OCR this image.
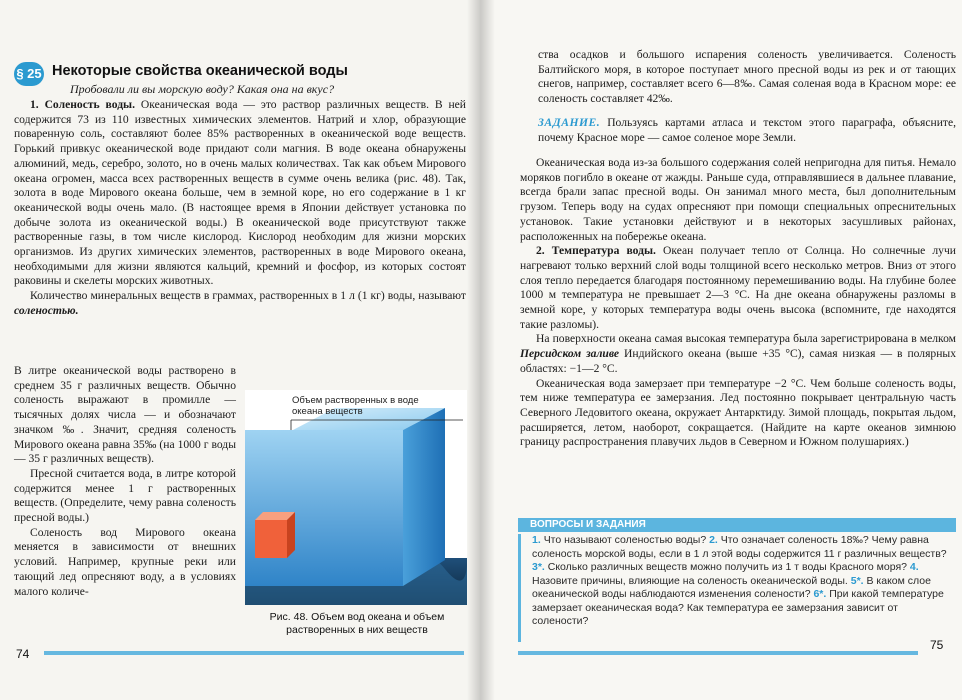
§ 25 Некоторые свойства океанической воды
Пробовали ли вы морскую воду? Какая она на вкус?

1. Соленость воды. Океаническая вода — это раствор различных веществ. В ней содержится 73 из 110 известных химических элементов. Натрий и хлор, образующие поваренную соль, составляют более 85% растворенных в океанической воде веществ. Горький привкус океанической воде придают соли магния. В воде океана обнаружены алюминий, медь, серебро, золото, но в очень малых количествах. Так как объем Мирового океана огромен, масса всех растворенных веществ в сумме очень велика (рис. 48). Так, золота в воде Мирового океана больше, чем в земной коре, но его содержание в 1 кг океанической воды очень мало. (В настоящее время в Японии действует установка по добыче золота из океанической воды.) В океанической воде присутствуют также растворенные газы, в том числе кислород. Кислород необходим для жизни морских организмов. Из других химических элементов, растворенных в воде Мирового океана, необходимыми для жизни являются кальций, кремний и фосфор, из которых состоят раковины и скелеты морских животных.

Количество минеральных веществ в граммах, растворенных в 1 л (1 кг) воды, называют соленостью.

В литре океанической воды растворено в среднем 35 г различных веществ. Обычно соленость выражают в промилле — тысячных долях числа — и обозначают значком ‰. Значит, средняя соленость Мирового океана равна 35‰ (на 1000 г воды — 35 г различных веществ).

Пресной считается вода, в литре которой содержится менее 1 г растворенных веществ. (Определите, чему равна соленость пресной воды.)

Соленость вод Мирового океана меняется в зависимости от внешних условий. Например, крупные реки или тающий лед опресняют воду, а в условиях малого количе-

Объем растворенных в воде океана веществ
Рис. 48. Объем вод океана и объем растворенных в них веществ
74

ства осадков и большого испарения соленость увеличивается. Соленость Балтийского моря, в которое поступает много пресной воды из рек и от тающих снегов, например, составляет всего 6—8‰. Самая соленая вода в Красном море: ее соленость составляет 42‰.

ЗАДАНИЕ. Пользуясь картами атласа и текстом этого параграфа, объясните, почему Красное море — самое соленое море Земли.

Океаническая вода из-за большого содержания солей непригодна для питья. Немало моряков погибло в океане от жажды. Раньше суда, отправлявшиеся в дальнее плавание, всегда брали запас пресной воды. Он занимал много места, был дополнительным грузом. Теперь воду на судах опресняют при помощи специальных опреснительных установок. Такие установки действуют и в некоторых засушливых районах, расположенных на побережье океана.

2. Температура воды. Океан получает тепло от Солнца. Но солнечные лучи нагревают только верхний слой воды толщиной всего несколько метров. Вниз от этого слоя тепло передается благодаря постоянному перемешиванию воды. На глубине более 1000 м температура не превышает 2—3 °С. На дне океана обнаружены разломы в земной коре, у которых температура воды очень высока (вспомните, где находятся такие разломы).

На поверхности океана самая высокая температура была зарегистрирована в мелком Персидском заливе Индийского океана (выше +35 °С), самая низкая — в полярных областях: −1—2 °С.

Океаническая вода замерзает при температуре −2 °С. Чем больше соленость воды, тем ниже температура ее замерзания. Лед постоянно покрывает центральную часть Северного Ледовитого океана, окружает Антарктиду. Зимой площадь, покрытая льдом, расширяется, летом, наоборот, сокращается. (Найдите на карте океанов зимнюю границу распространения плавучих льдов в Северном и Южном полушариях.)

ВОПРОСЫ И ЗАДАНИЯ
1. Что называют соленостью воды? 2. Что означает соленость 18‰? Чему равна соленость морской воды, если в 1 л этой воды содержится 11 г различных веществ? 3*. Сколько различных веществ можно получить из 1 т воды Красного моря? 4. Назовите причины, влияющие на соленость океанической воды. 5*. В каком слое океанической воды наблюдаются изменения солености? 6*. При какой температуре замерзает океаническая вода? Как температура ее замерзания зависит от солености?
75
